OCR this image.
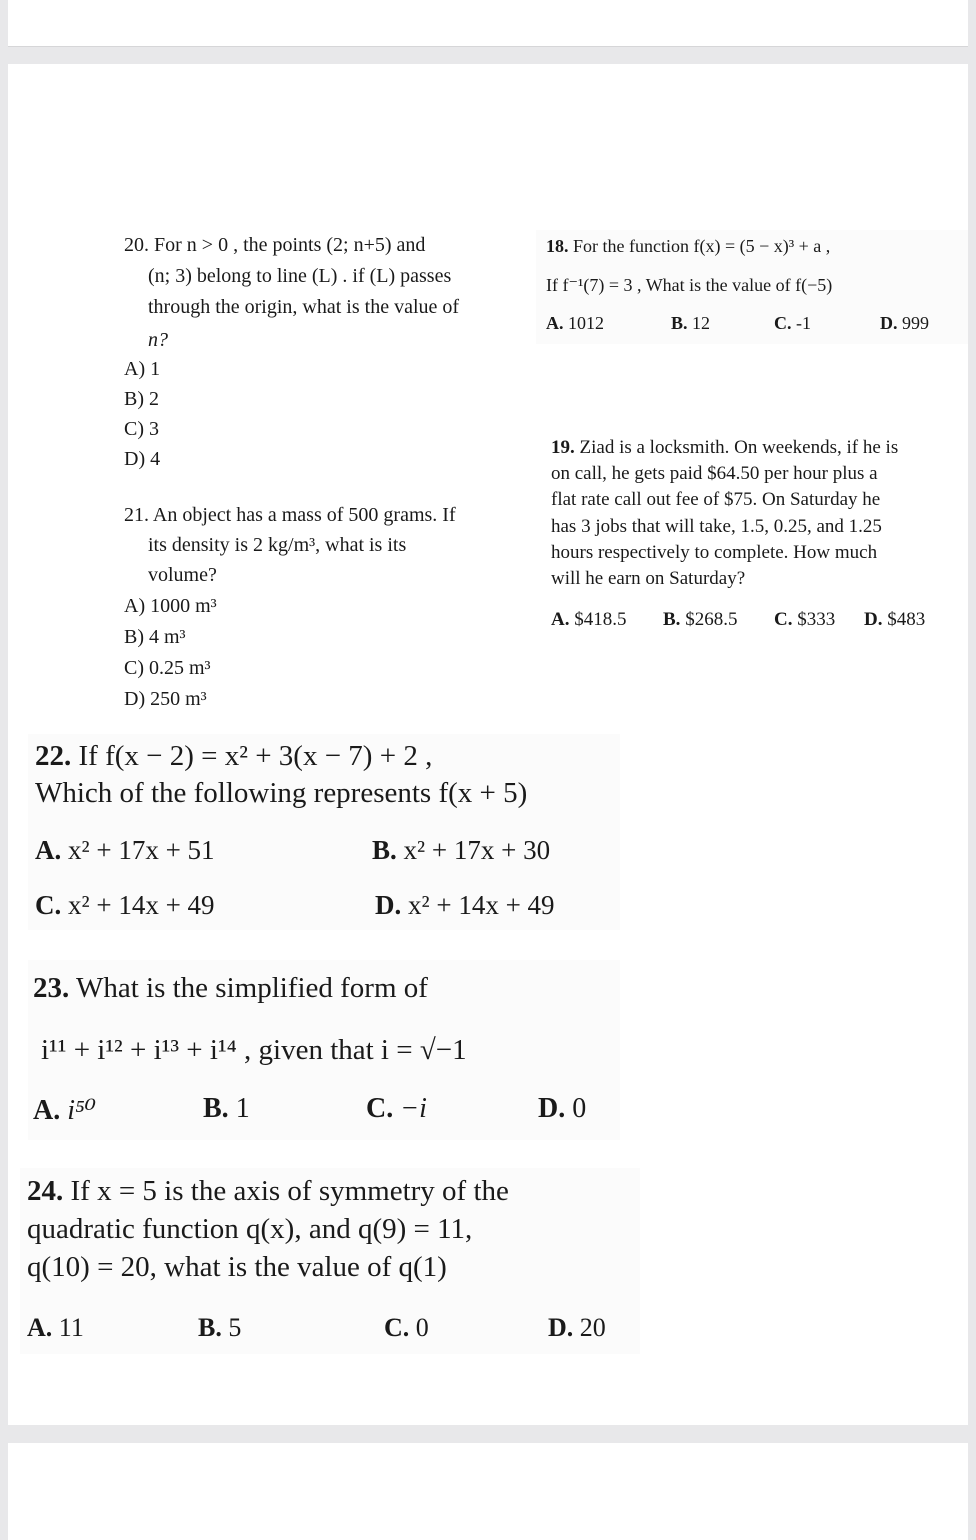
20. For n > 0 , the points (2; n+5) and
(n; 3) belong to line (L) . if (L) passes
through the origin, what is the value of
n?
A) 1
B) 2
C) 3
D) 4
21. An object has a mass of 500 grams. If
its density is 2 kg/m³, what is its
volume?
A) 1000 m³
B) 4 m³
C) 0.25 m³
D) 250 m³
18. For the function f(x) = (5 − x)³ + a ,
If f⁻¹(7) = 3 , What is the value of f(−5)
A. 1012	B. 12	C. -1	D. 999
19. Ziad is a locksmith. On weekends, if he is
on call, he gets paid $64.50 per hour plus a
flat rate call out fee of $75. On Saturday he
has 3 jobs that will take, 1.5, 0.25, and 1.25
hours respectively to complete. How much
will he earn on Saturday?
A. $418.5 B. $268.5 C. $333 D. $483
22. If f(x − 2) = x² + 3(x − 7) + 2 ,
Which of the following represents f(x + 5)
A. x² + 17x + 51	B. x² + 17x + 30
C. x² + 14x + 49	D. x² + 14x + 49
23. What is the simplified form of
i¹¹ + i¹² + i¹³ + i¹⁴ , given that i = √−1
A. i⁵⁰	B. 1	C. −i	D. 0
24. If x = 5 is the axis of symmetry of the
quadratic function q(x), and q(9) = 11,
q(10) = 20, what is the value of q(1)
A. 11	B. 5	C. 0	D. 20
